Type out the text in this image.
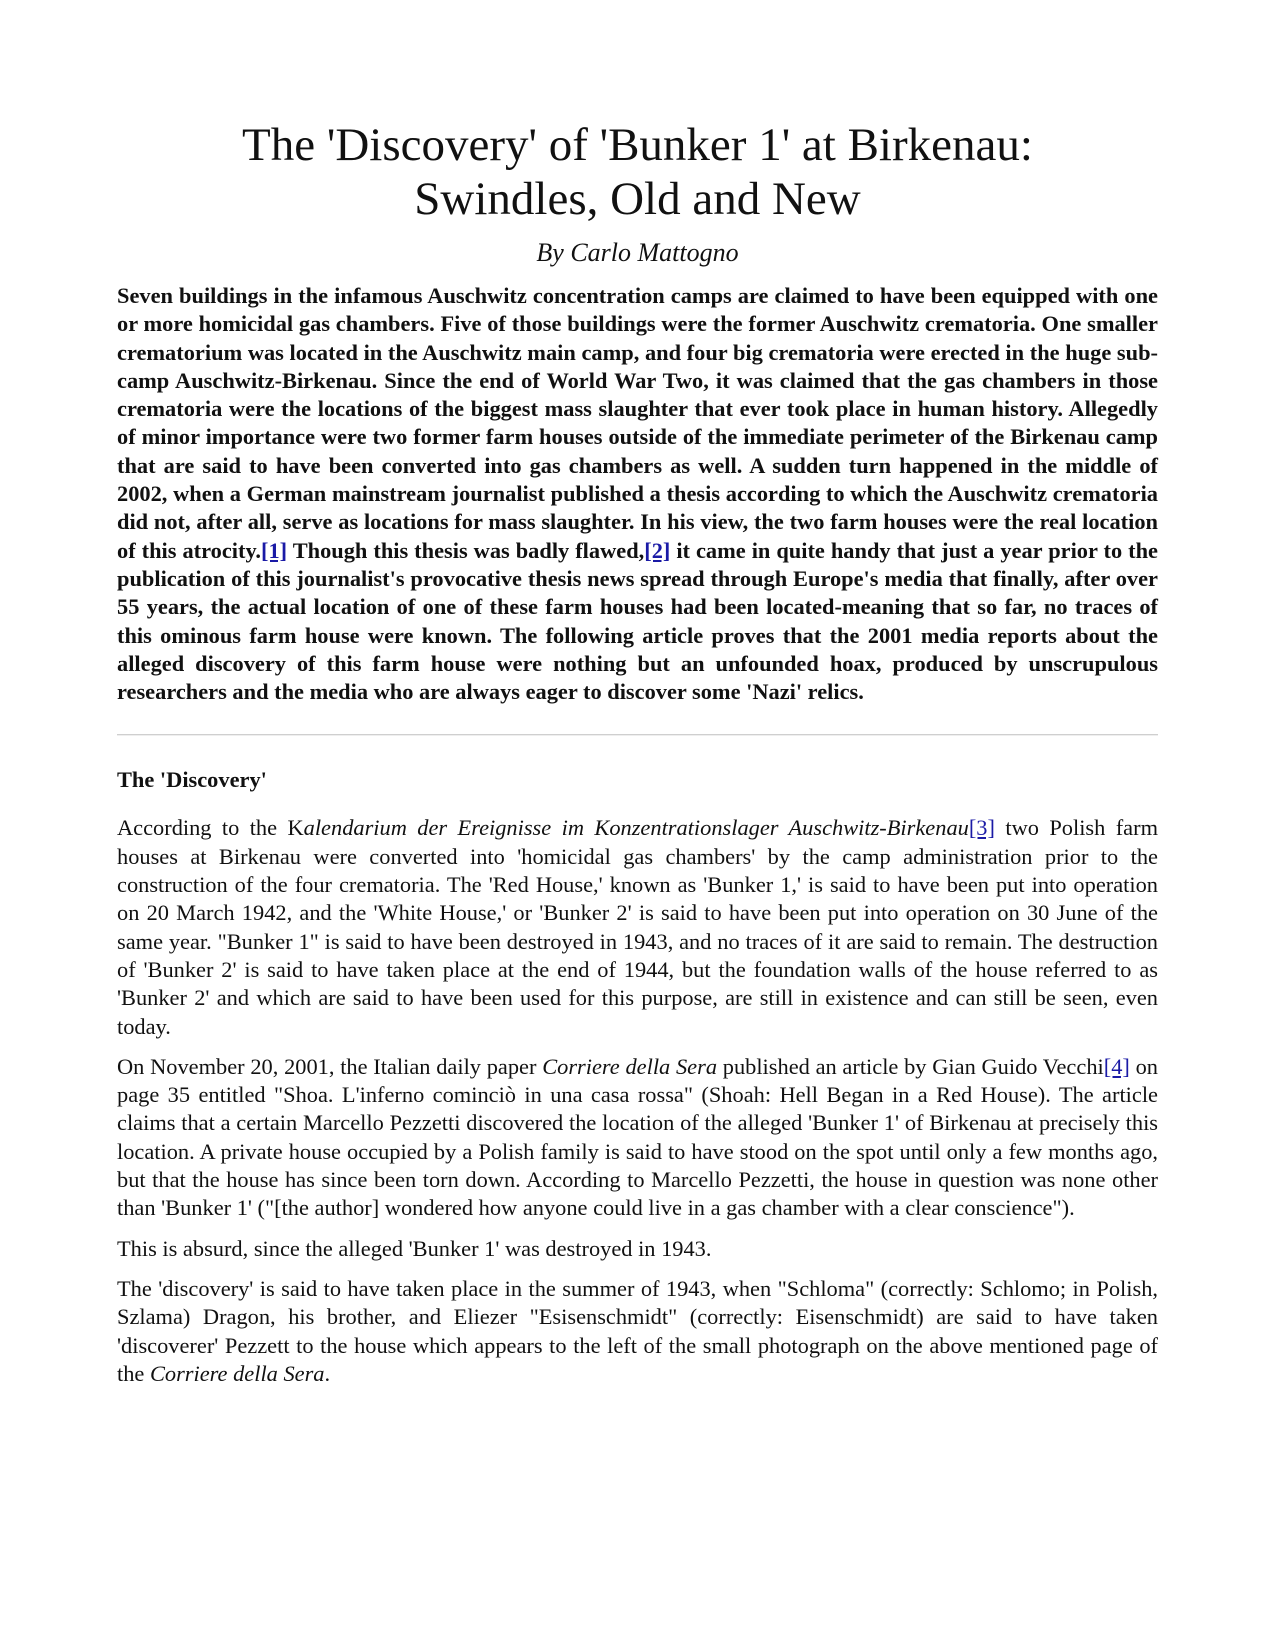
The 'Discovery' of 'Bunker 1' at Birkenau: Swindles, Old and New
By Carlo Mattogno

Seven buildings in the infamous Auschwitz concentration camps are claimed to have been equipped with one or more homicidal gas chambers. Five of those buildings were the former Auschwitz crematoria. One smaller crematorium was located in the Auschwitz main camp, and four big crematoria were erected in the huge sub-camp Auschwitz-Birkenau. Since the end of World War Two, it was claimed that the gas chambers in those crematoria were the locations of the biggest mass slaughter that ever took place in human history. Allegedly of minor importance were two former farm houses outside of the immediate perimeter of the Birkenau camp that are said to have been converted into gas chambers as well. A sudden turn happened in the middle of 2002, when a German mainstream journalist published a thesis according to which the Auschwitz crematoria did not, after all, serve as locations for mass slaughter. In his view, the two farm houses were the real location of this atrocity.[1] Though this thesis was badly flawed,[2] it came in quite handy that just a year prior to the publication of this journalist's provocative thesis news spread through Europe's media that finally, after over 55 years, the actual location of one of these farm houses had been located-meaning that so far, no traces of this ominous farm house were known. The following article proves that the 2001 media reports about the alleged discovery of this farm house were nothing but an unfounded hoax, produced by unscrupulous researchers and the media who are always eager to discover some 'Nazi' relics.

The 'Discovery'

According to the Kalendarium der Ereignisse im Konzentrationslager Auschwitz-Birkenau[3] two Polish farm houses at Birkenau were converted into 'homicidal gas chambers' by the camp administration prior to the construction of the four crematoria. The 'Red House,' known as 'Bunker 1,' is said to have been put into operation on 20 March 1942, and the 'White House,' or 'Bunker 2' is said to have been put into operation on 30 June of the same year. "Bunker 1" is said to have been destroyed in 1943, and no traces of it are said to remain. The destruction of 'Bunker 2' is said to have taken place at the end of 1944, but the foundation walls of the house referred to as 'Bunker 2' and which are said to have been used for this purpose, are still in existence and can still be seen, even today.

On November 20, 2001, the Italian daily paper Corriere della Sera published an article by Gian Guido Vecchi[4] on page 35 entitled "Shoa. L'inferno cominciò in una casa rossa" (Shoah: Hell Began in a Red House). The article claims that a certain Marcello Pezzetti discovered the location of the alleged 'Bunker 1' of Birkenau at precisely this location. A private house occupied by a Polish family is said to have stood on the spot until only a few months ago, but that the house has since been torn down. According to Marcello Pezzetti, the house in question was none other than 'Bunker 1' ("[the author] wondered how anyone could live in a gas chamber with a clear conscience").

This is absurd, since the alleged 'Bunker 1' was destroyed in 1943.

The 'discovery' is said to have taken place in the summer of 1943, when "Schloma" (correctly: Schlomo; in Polish, Szlama) Dragon, his brother, and Eliezer "Esisenschmidt" (correctly: Eisenschmidt) are said to have taken 'discoverer' Pezzett to the house which appears to the left of the small photograph on the above mentioned page of the Corriere della Sera.
